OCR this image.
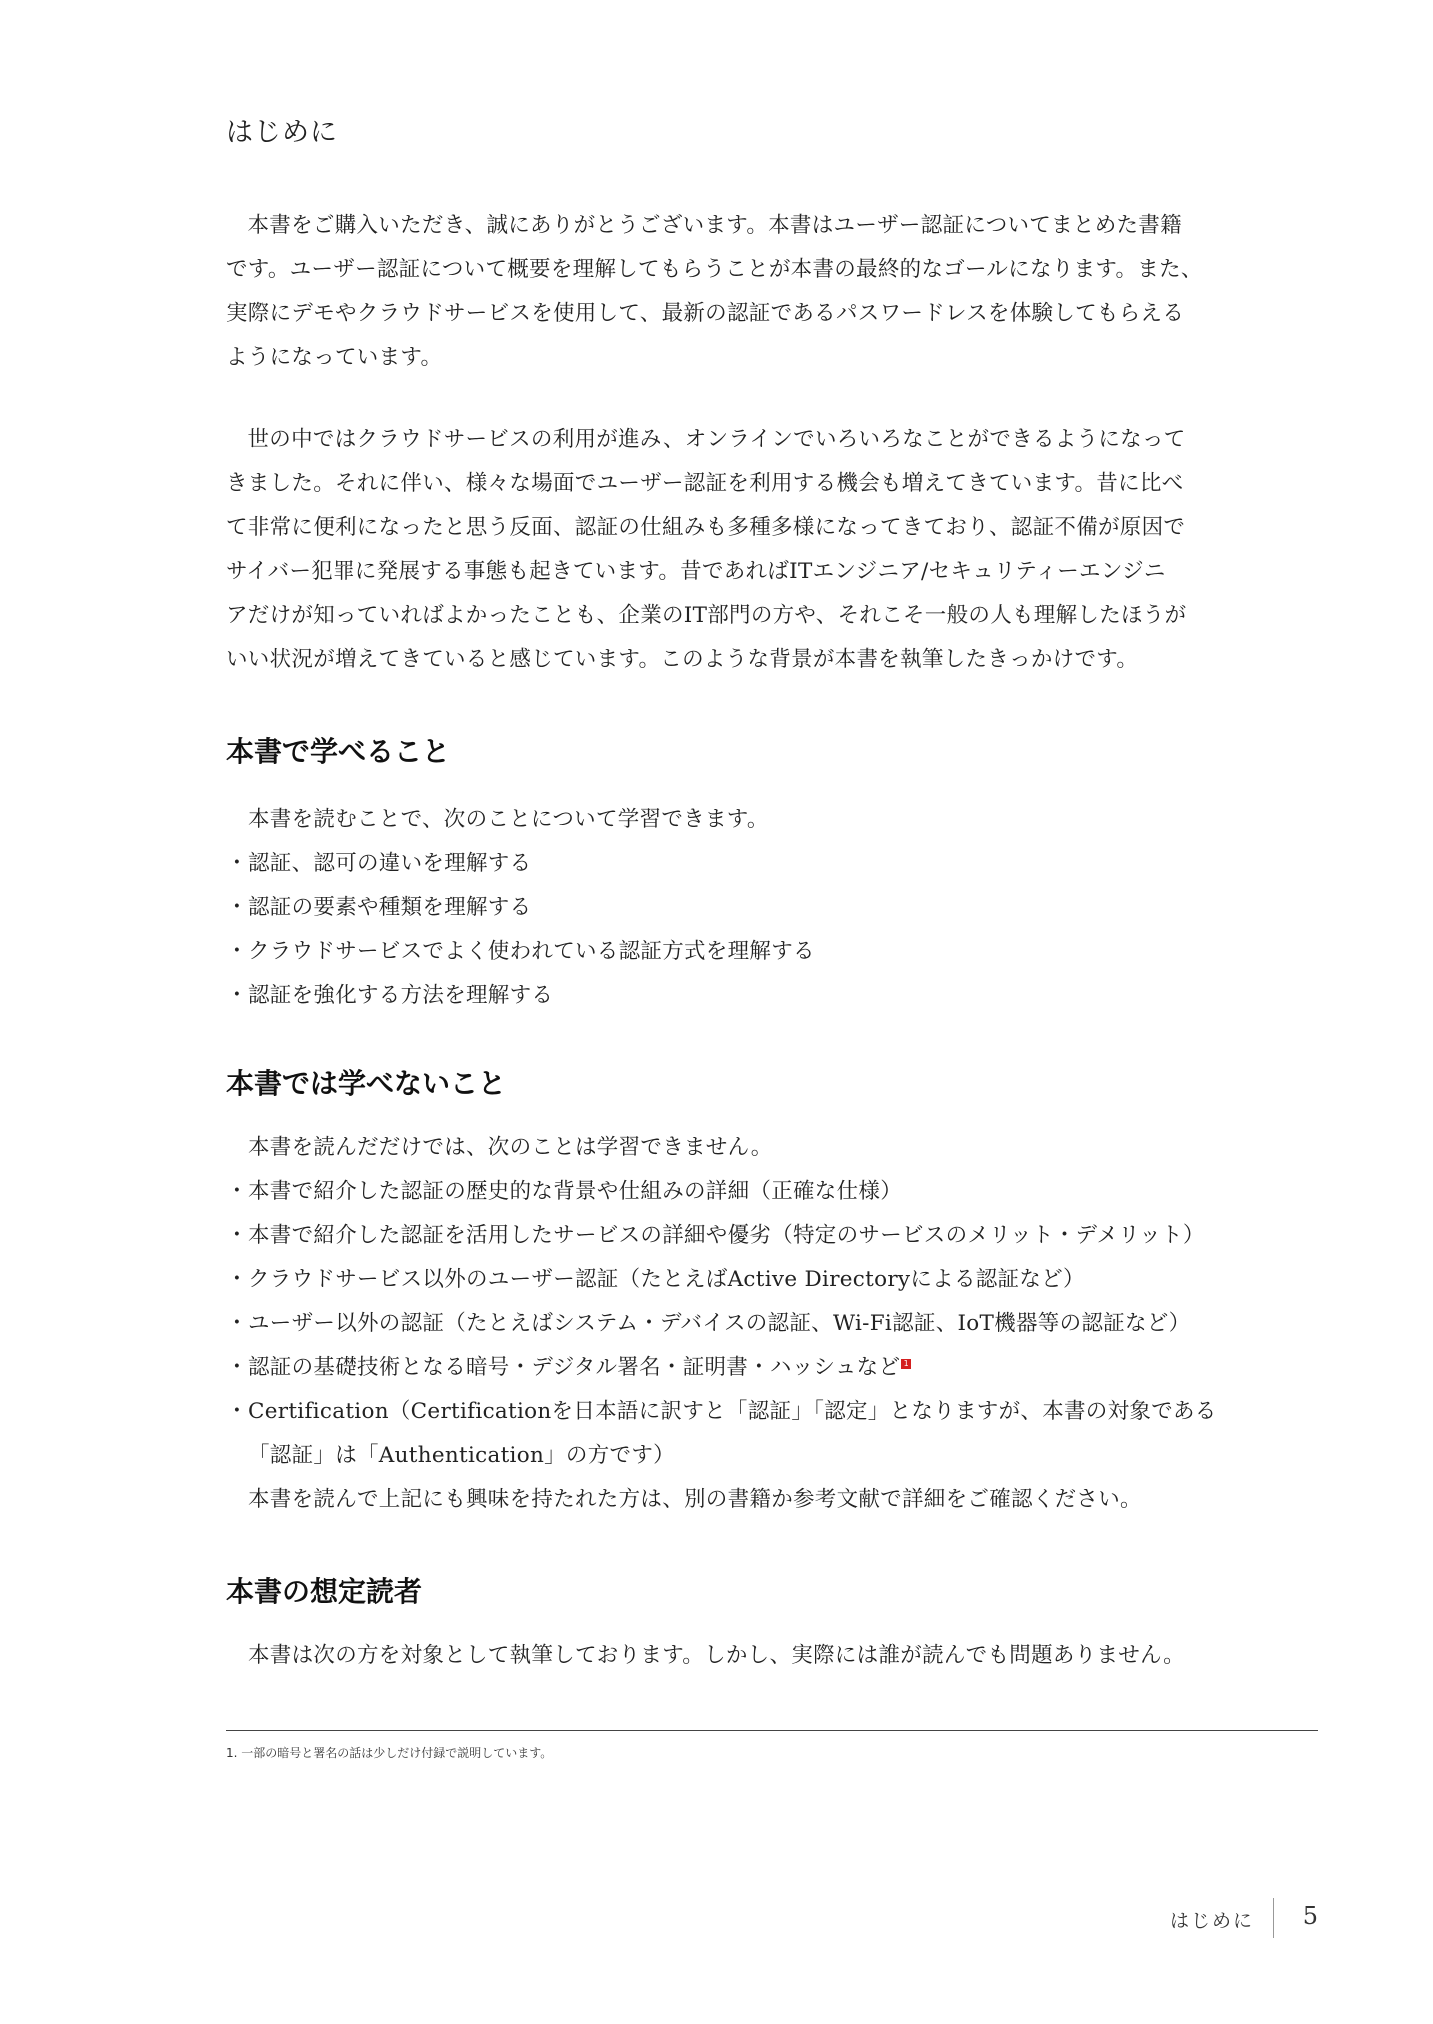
はじめに

本書をご購入いただき、誠にありがとうございます。本書はユーザー認証についてまとめた書籍
です。ユーザー認証について概要を理解してもらうことが本書の最終的なゴールになります。また、
実際にデモやクラウドサービスを使用して、最新の認証であるパスワードレスを体験してもらえる
ようになっています。

世の中ではクラウドサービスの利用が進み、オンラインでいろいろなことができるようになって
きました。それに伴い、様々な場面でユーザー認証を利用する機会も増えてきています。昔に比べ
て非常に便利になったと思う反面、認証の仕組みも多種多様になってきており、認証不備が原因で
サイバー犯罪に発展する事態も起きています。昔であればITエンジニア/セキュリティーエンジニ
アだけが知っていればよかったことも、企業のIT部門の方や、それこそ一般の人も理解したほうが
いい状況が増えてきていると感じています。このような背景が本書を執筆したきっかけです。

本書で学べること
本書を読むことで、次のことについて学習できます。
・認証、認可の違いを理解する
・認証の要素や種類を理解する
・クラウドサービスでよく使われている認証方式を理解する
・認証を強化する方法を理解する
本書では学べないこと
本書を読んだだけでは、次のことは学習できません。
・本書で紹介した認証の歴史的な背景や仕組みの詳細（正確な仕様）
・本書で紹介した認証を活用したサービスの詳細や優劣（特定のサービスのメリット・デメリット）
・クラウドサービス以外のユーザー認証（たとえばActive Directoryによる認証など）
・ユーザー以外の認証（たとえばシステム・デバイスの認証、Wi-Fi認証、IoT機器等の認証など）
・認証の基礎技術となる暗号・デジタル署名・証明書・ハッシュなど 1
・Certification（Certificationを日本語に訳すと「認証」「認定」となりますが、本書の対象である
「認証」は「Authentication」の方です）
本書を読んで上記にも興味を持たれた方は、別の書籍か参考文献で詳細をご確認ください。
本書の想定読者
本書は次の方を対象として執筆しております。しかし、実際には誰が読んでも問題ありません。
1. 一部の暗号と署名の話は少しだけ付録で説明しています。
はじめに	5
